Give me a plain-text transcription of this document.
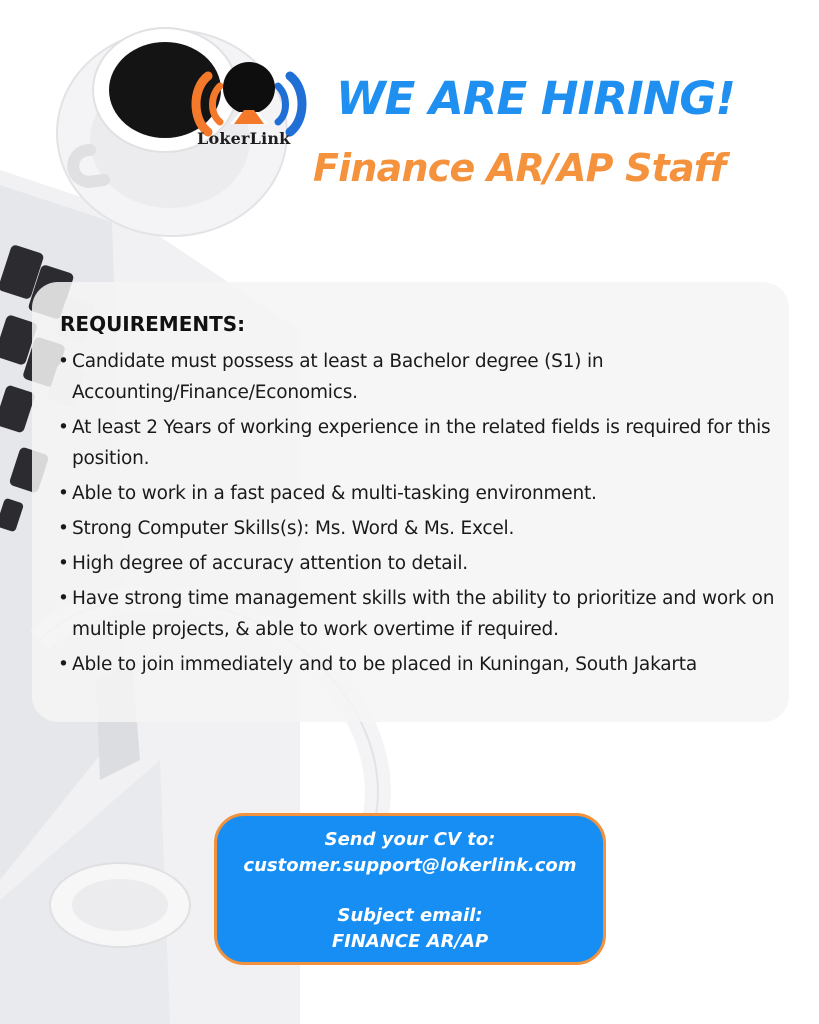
LokerLink
WE ARE HIRING!
Finance AR/AP Staff
REQUIREMENTS:
• Candidate must possess at least a Bachelor degree (S1) in Accounting/Finance/Economics.
• At least 2 Years of working experience in the related fields is required for this position.
• Able to work in a fast paced & multi-tasking environment.
• Strong Computer Skills(s): Ms. Word & Ms. Excel.
• High degree of accuracy attention to detail.
• Have strong time management skills with the ability to prioritize and work on multiple projects, & able to work overtime if required.
• Able to join immediately and to be placed in Kuningan, South Jakarta
Send your CV to:
customer.support@lokerlink.com
Subject email:
FINANCE AR/AP
